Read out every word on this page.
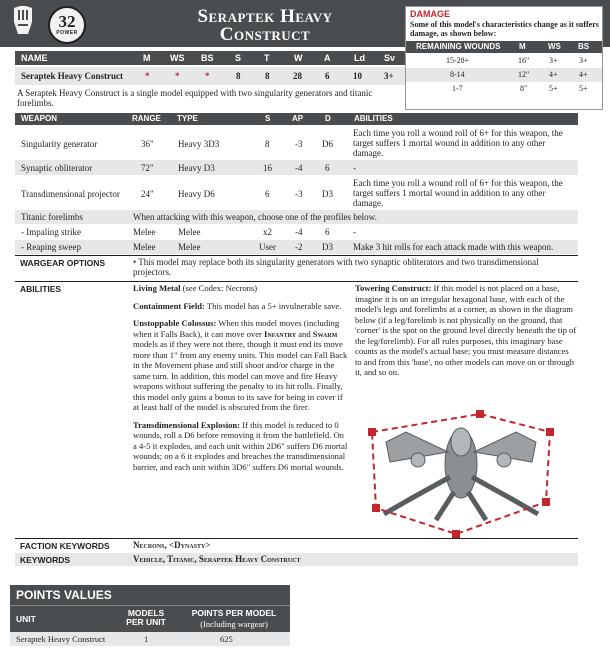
32
POWER
Seraptek Heavy
Construct
DAMAGE
Some of this model's characteristics change as it suffers damage, as shown below:
REMAINING WOUNDS M	WS BS
15-28+	16" 3+	3+
8-14	12" 4+	4+
1-7	8"	5+	5+
NAME	M WS BS S	T	W A	Ld Sv
Seraptek Heavy Construct *	*	*	8	8	28	6	10 3+
A Seraptek Heavy Construct is a single model equipped with two singularity generators and titanic forelimbs.
WEAPON	RANGE TYPE	S	AP	D	ABILITIES
Singularity generator	36"	Heavy 3D3	8	-3 D6
Each time you roll a wound roll of 6+ for this weapon, the target suffers 1 mortal wound in addition to any other damage.
Synaptic obliterator	72"	Heavy D3	16	-4	6	-
Transdimensional projector 24"	Heavy D6	6	-3 D3
Each time you roll a wound roll of 6+ for this weapon, the target suffers 1 mortal wound in addition to any other damage.
Titanic forelimbs	When attacking with this weapon, choose one of the profiles below.
- Impaling strike	Melee	Melee	x2	-4	6	-
- Reaping sweep	Melee	Melee	User -2 D3 Make 3 hit rolls for each attack made with this weapon.
WARGEAR OPTIONS	• This model may replace both its singularity generators with two synaptic obliterators and two transdimensional projectors.
ABILITIES	Living Metal (see Codex: Necrons)

Containment Field: This model has a 5+ invulnerable save.

Unstoppable Colossus: When this model moves (including when it Falls Back), it can move over Infantry and Swarm models as if they were not there, though it must end its move more than 1" from any enemy units. This model can Fall Back in the Movement phase and still shoot and/or charge in the same turn. In addition, this model can move and fire Heavy weapons without suffering the penalty to its hit rolls. Finally, this model only gains a bonus to its save for being in cover if at least half of the model is obscured from the firer.

Transdimensional Explosion: If this model is reduced to 0 wounds, roll a D6 before removing it from the battlefield. On a 4-5 it explodes, and each unit within 2D6" suffers D6 mortal wounds; on a 6 it explodes and breaches the transdimensional barrier, and each unit within 3D6" suffers D6 mortal wounds.

Towering Construct: If this model is not placed on a base, imagine it is on an irregular hexagonal base, with each of the model's legs and forelimbs at a corner, as shown in the diagram below (if a leg/forelimb is not physically on the ground, that 'corner' is the spot on the ground level directly beneath the tip of the leg/forelimb). For all rules purposes, this imaginary base counts as the model's actual base; you must measure distances to and from this 'base', no other models can move on or through it, and so on.

FACTION KEYWORDS	Necrons, <Dynasty>
KEYWORDS	Vehicle, Titanic, Seraptek Heavy Construct
POINTS VALUES
UNIT
MODELS PER UNIT
POINTS PER MODEL
(Including wargear)
Seraptek Heavy Construct	1	625
